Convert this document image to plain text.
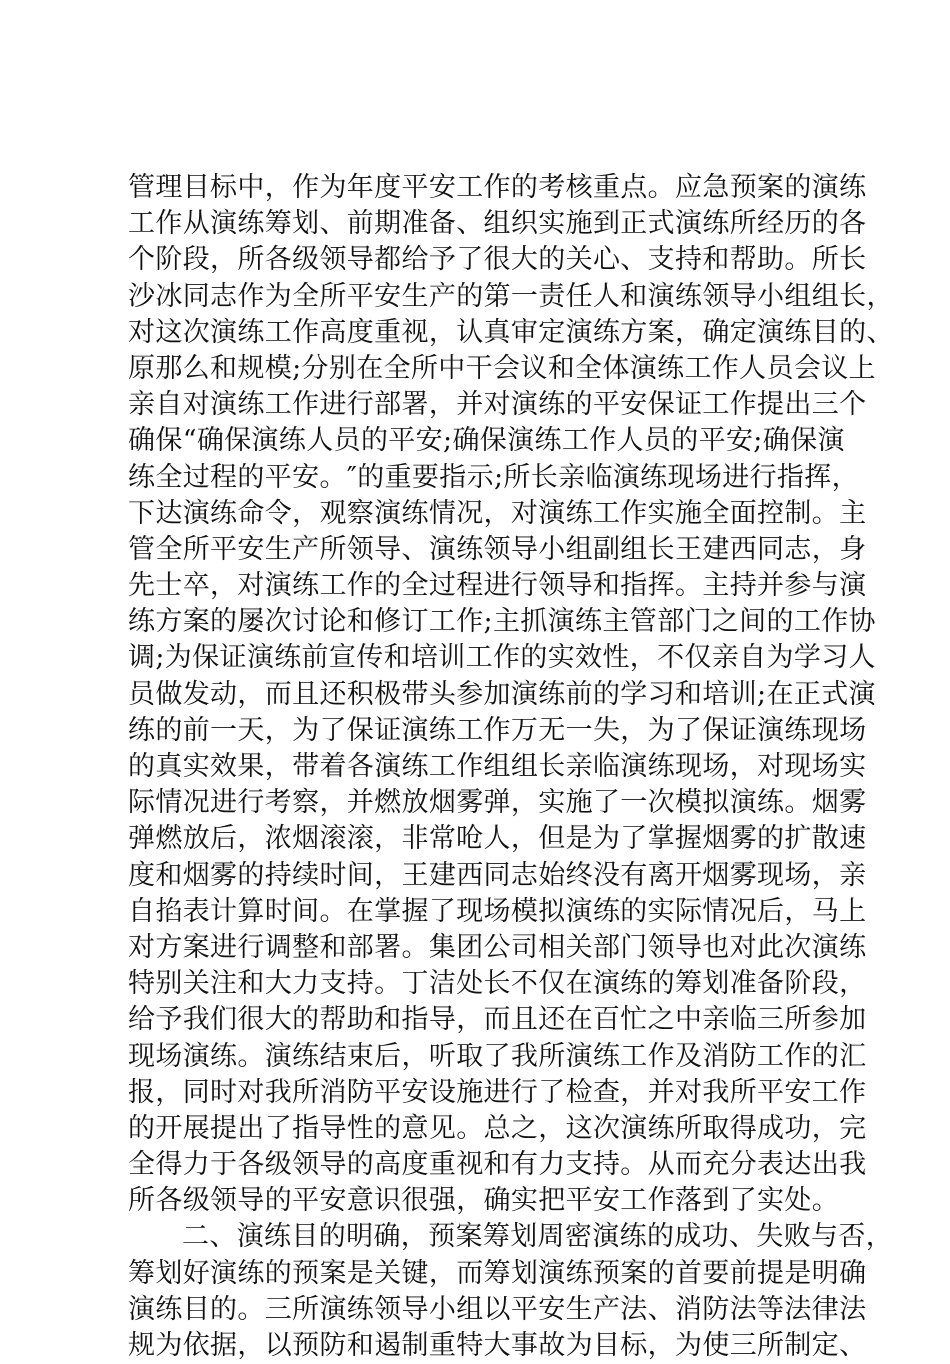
管理目标中，作为年度平安工作的考核重点。应急预案的演练
工作从演练筹划、前期准备、组织实施到正式演练所经历的各
个阶段，所各级领导都给予了很大的关心、支持和帮助。所长
沙冰同志作为全所平安生产的第一责任人和演练领导小组组长，
对这次演练工作高度重视，认真审定演练方案，确定演练目的、
原那么和规模;分别在全所中干会议和全体演练工作人员会议上
亲自对演练工作进行部署，并对演练的平安保证工作提出三个
确保“确保演练人员的平安;确保演练工作人员的平安;确保演
练全过程的平安。″的重要指示;所长亲临演练现场进行指挥，
下达演练命令，观察演练情况，对演练工作实施全面控制。主
管全所平安生产所领导、演练领导小组副组长王建西同志，身
先士卒，对演练工作的全过程进行领导和指挥。主持并参与演
练方案的屡次讨论和修订工作;主抓演练主管部门之间的工作协
调;为保证演练前宣传和培训工作的实效性，不仅亲自为学习人
员做发动，而且还积极带头参加演练前的学习和培训;在正式演
练的前一天，为了保证演练工作万无一失，为了保证演练现场
的真实效果，带着各演练工作组组长亲临演练现场，对现场实
际情况进行考察，并燃放烟雾弹，实施了一次模拟演练。烟雾
弹燃放后，浓烟滚滚，非常呛人，但是为了掌握烟雾的扩散速
度和烟雾的持续时间，王建西同志始终没有离开烟雾现场，亲
自掐表计算时间。在掌握了现场模拟演练的实际情况后，马上
对方案进行调整和部署。集团公司相关部门领导也对此次演练
特别关注和大力支持。丁洁处长不仅在演练的筹划准备阶段，
给予我们很大的帮助和指导，而且还在百忙之中亲临三所参加
现场演练。演练结束后，听取了我所演练工作及消防工作的汇
报，同时对我所消防平安设施进行了检查，并对我所平安工作
的开展提出了指导性的意见。总之，这次演练所取得成功，完
全得力于各级领导的高度重视和有力支持。从而充分表达出我
所各级领导的平安意识很强，确实把平安工作落到了实处。
二、演练目的明确，预案筹划周密演练的成功、失败与否，
筹划好演练的预案是关键，而筹划演练预案的首要前提是明确
演练目的。三所演练领导小组以平安生产法、消防法等法律法
规为依据，以预防和遏制重特大事故为目标，为使三所制定、
